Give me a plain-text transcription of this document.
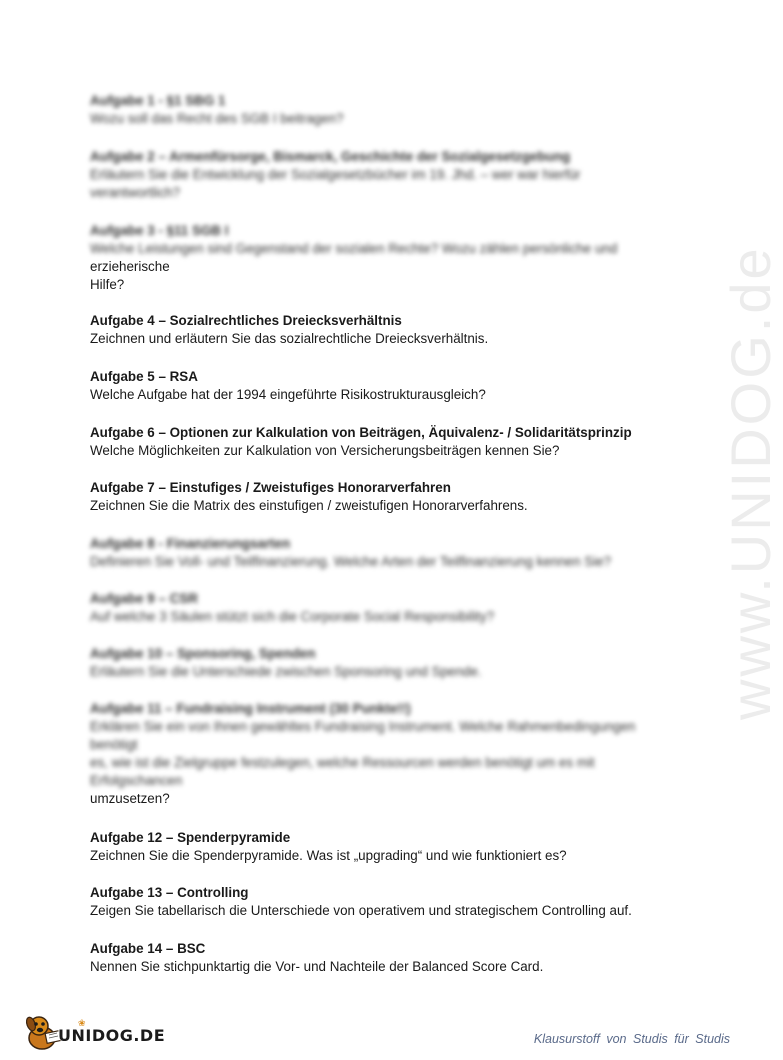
www.UNIDOG.de
Aufgabe 1 - §1 SBG 1
Wozu soll das Recht des SGB I beitragen?
Aufgabe 2 – Armenfürsorge, Bismarck, Geschichte der Sozialgesetzgebung
Erläutern Sie die Entwicklung der Sozialgesetzbücher im 19. Jhd. – wer war hierfür
verantwortlich?
Aufgabe 3 - §11 SGB I
Welche Leistungen sind Gegenstand der sozialen Rechte? Wozu zählen persönliche und
erzieherische
Hilfe?
Aufgabe 4 – Sozialrechtliches Dreiecksverhältnis
Zeichnen und erläutern Sie das sozialrechtliche Dreiecksverhältnis.
Aufgabe 5 – RSA
Welche Aufgabe hat der 1994 eingeführte Risikostrukturausgleich?
Aufgabe 6 – Optionen zur Kalkulation von Beiträgen, Äquivalenz- / Solidaritätsprinzip
Welche Möglichkeiten zur Kalkulation von Versicherungsbeiträgen kennen Sie?
Aufgabe 7 – Einstufiges / Zweistufiges Honorarverfahren
Zeichnen Sie die Matrix des einstufigen / zweistufigen Honorarverfahrens.
Aufgabe 8 - Finanzierungsarten
Definieren Sie Voll- und Teilfinanzierung. Welche Arten der Teilfinanzierung kennen Sie?
Aufgabe 9 – CSR
Auf welche 3 Säulen stützt sich die Corporate Social Responsibility?
Aufgabe 10 – Sponsoring, Spenden
Erläutern Sie die Unterschiede zwischen Sponsoring und Spende.
Aufgabe 11 – Fundraising Instrument (30 Punkte!!)
Erklären Sie ein von Ihnen gewähltes Fundraising Instrument. Welche Rahmenbedingungen
benötigt
es, wie ist die Zielgruppe festzulegen, welche Ressourcen werden benötigt um es mit
Erfolgschancen
umzusetzen?
Aufgabe 12 – Spenderpyramide
Zeichnen Sie die Spenderpyramide. Was ist „upgrading“ und wie funktioniert es?
Aufgabe 13 – Controlling
Zeigen Sie tabellarisch die Unterschiede von operativem und strategischem Controlling auf.
Aufgabe 14 – BSC
Nennen Sie stichpunktartig die Vor- und Nachteile der Balanced Score Card.
❀
UNIDOG.DE	Klausurstoff von Studis für Studis
